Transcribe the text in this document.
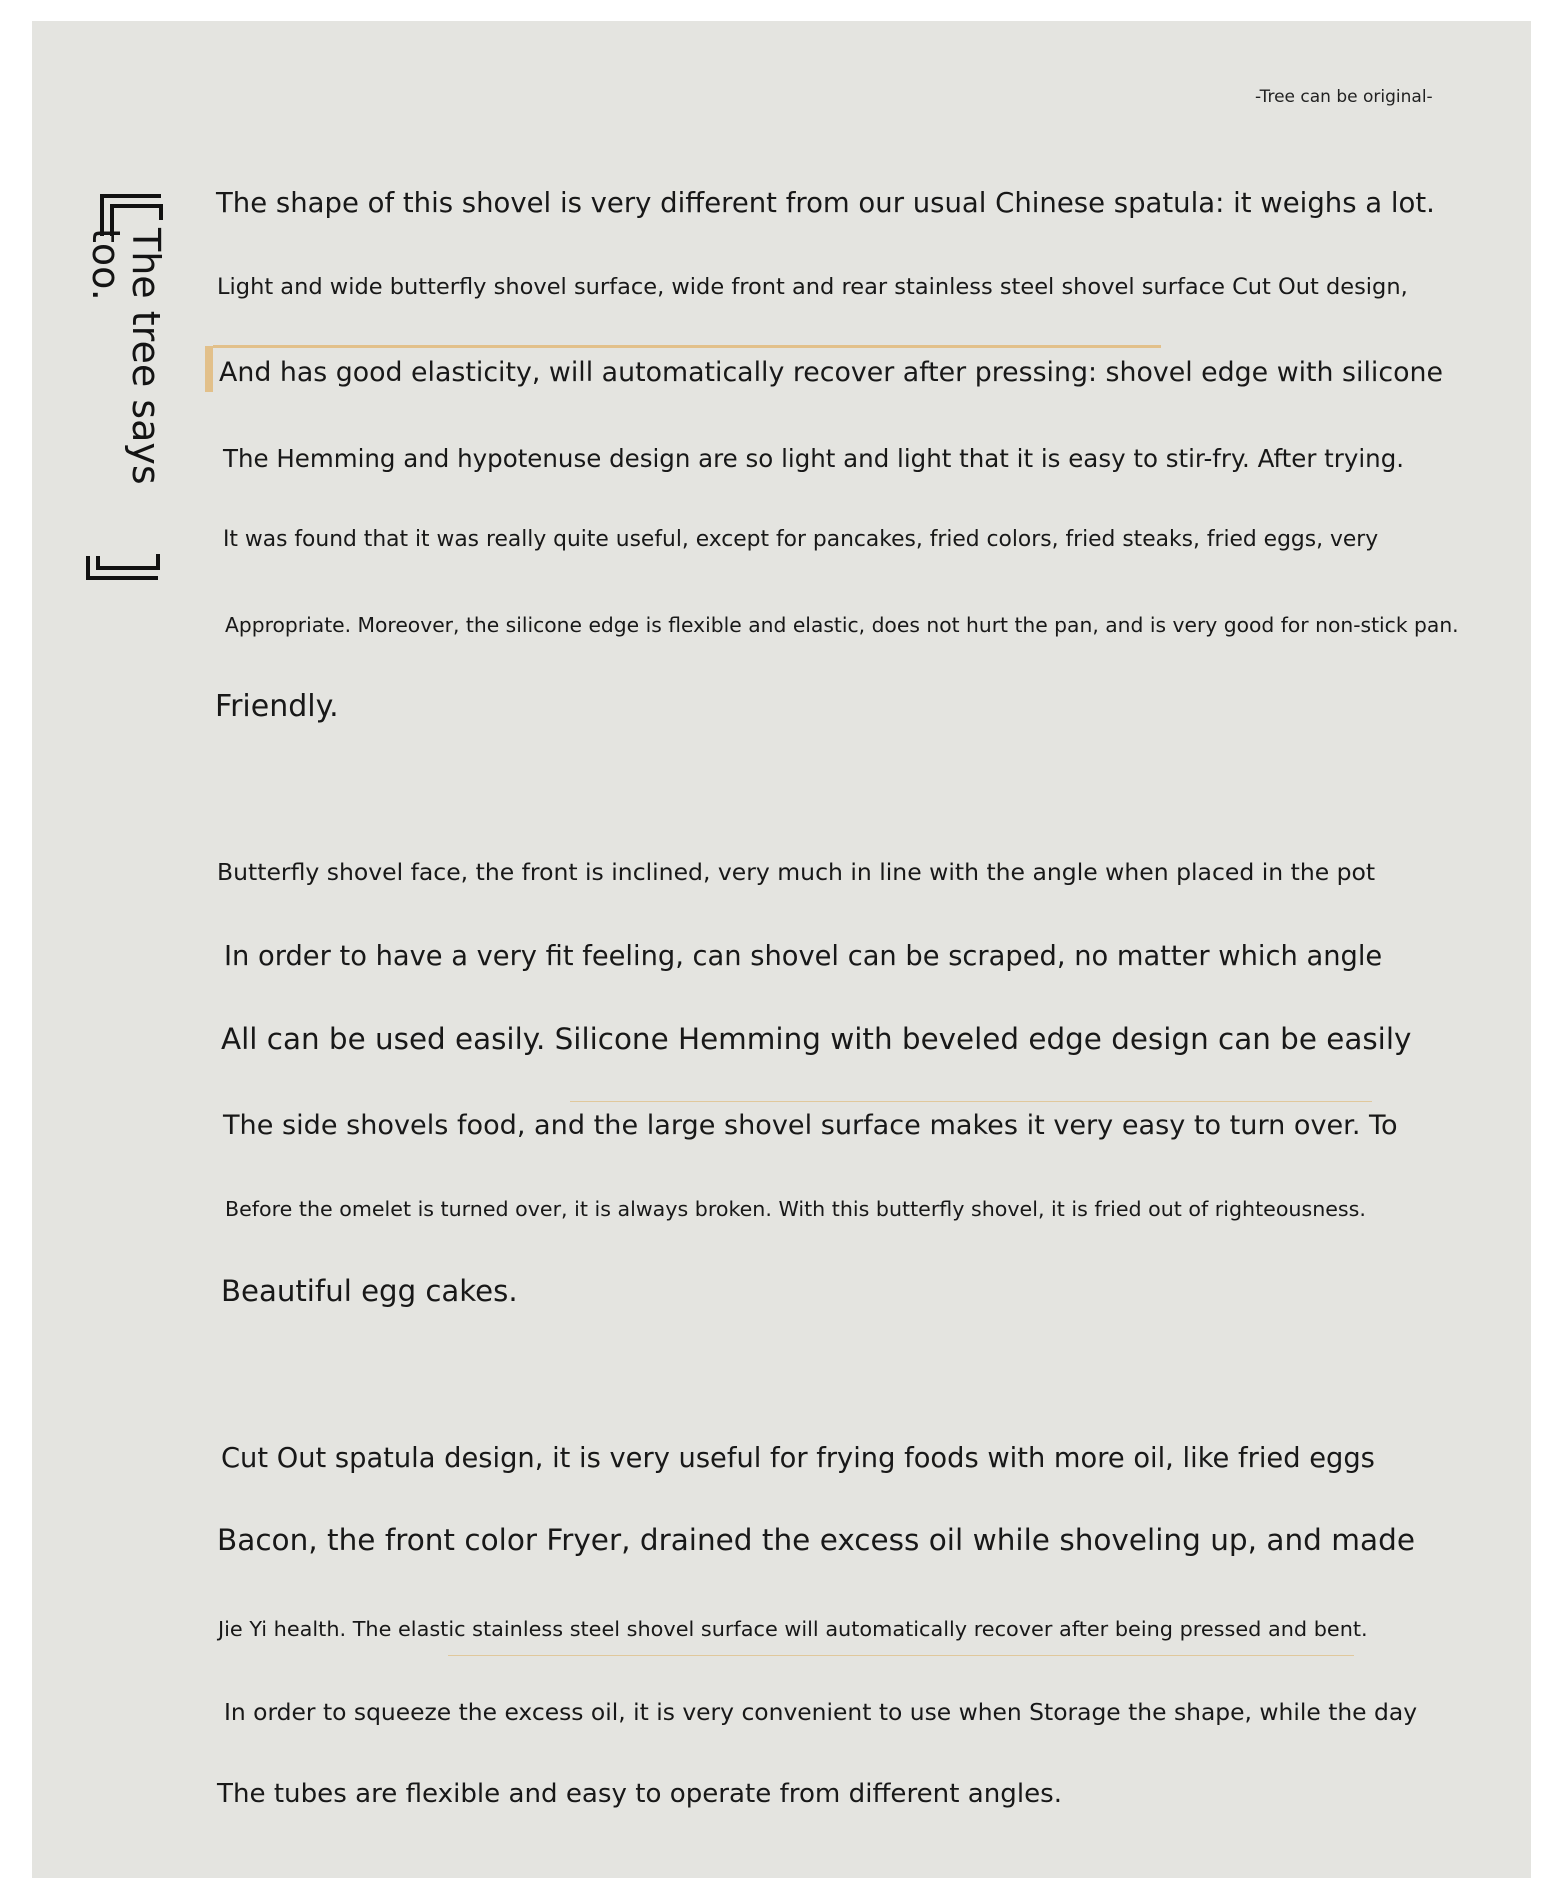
-Tree can be original-
The tree says too.
The shape of this shovel is very different from our usual Chinese spatula: it weighs a lot.
Light and wide butterfly shovel surface, wide front and rear stainless steel shovel surface Cut Out design,
And has good elasticity, will automatically recover after pressing: shovel edge with silicone
The Hemming and hypotenuse design are so light and light that it is easy to stir-fry. After trying.
It was found that it was really quite useful, except for pancakes, fried colors, fried steaks, fried eggs, very
Appropriate. Moreover, the silicone edge is flexible and elastic, does not hurt the pan, and is very good for non-stick pan.
Friendly.
Butterfly shovel face, the front is inclined, very much in line with the angle when placed in the pot
In order to have a very fit feeling, can shovel can be scraped, no matter which angle
All can be used easily. Silicone Hemming with beveled edge design can be easily
The side shovels food, and the large shovel surface makes it very easy to turn over. To
Before the omelet is turned over, it is always broken. With this butterfly shovel, it is fried out of righteousness.
Beautiful egg cakes.
Cut Out spatula design, it is very useful for frying foods with more oil, like fried eggs
Bacon, the front color Fryer, drained the excess oil while shoveling up, and made
Jie Yi health. The elastic stainless steel shovel surface will automatically recover after being pressed and bent.
In order to squeeze the excess oil, it is very convenient to use when Storage the shape, while the day
The tubes are flexible and easy to operate from different angles.
